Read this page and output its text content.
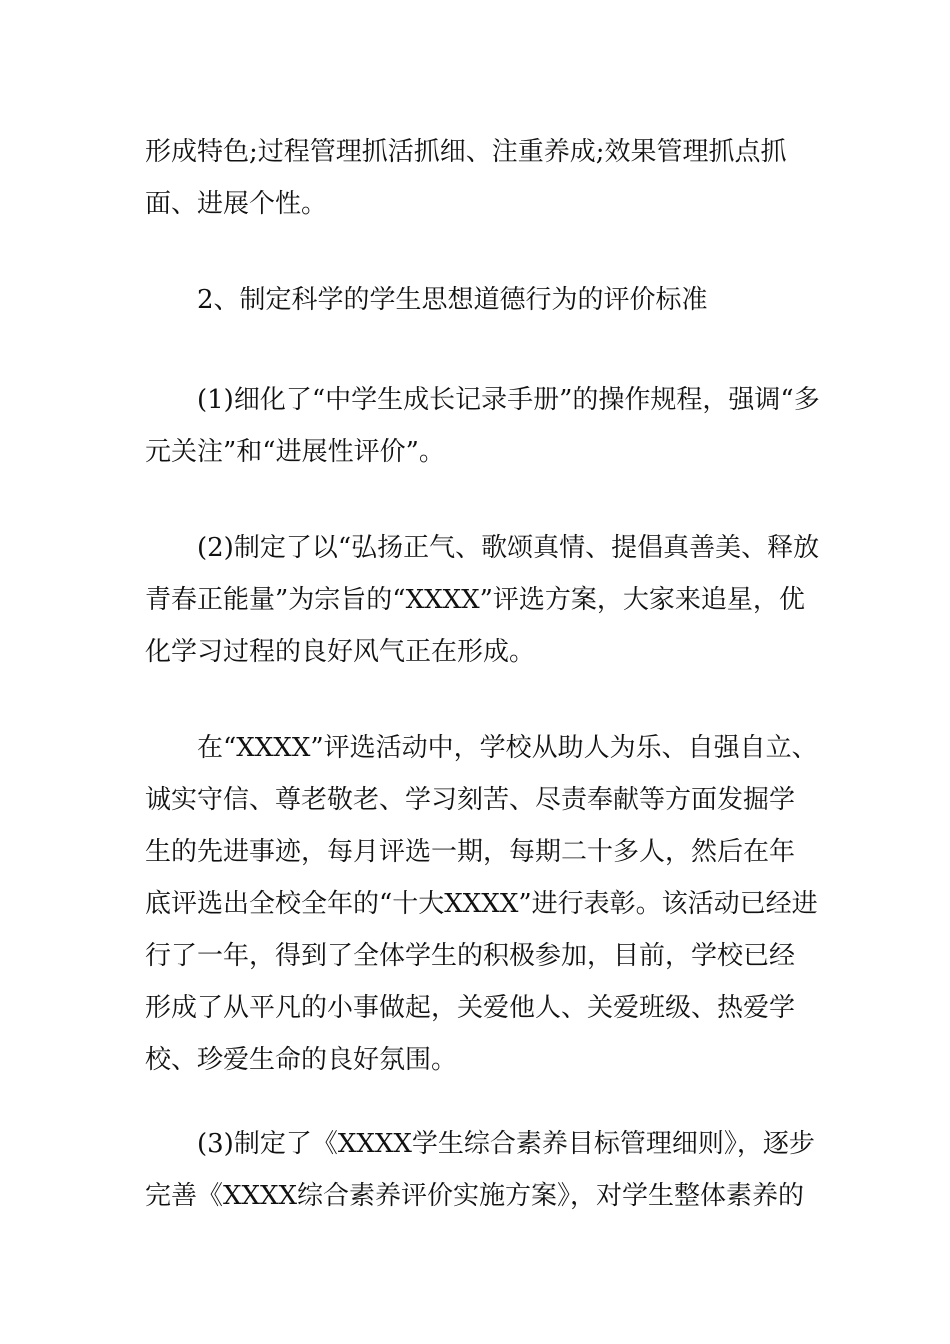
形成特色;过程管理抓活抓细、注重养成;效果管理抓点抓面、进展个性。

2、制定科学的学生思想道德行为的评价标准

(1)细化了“中学生成长记录手册”的操作规程，强调“多元关注”和“进展性评价”。

(2)制定了以“弘扬正气、歌颂真情、提倡真善美、释放青春正能量”为宗旨的“XXXX”评选方案，大家来追星，优化学习过程的良好风气正在形成。

在“XXXX”评选活动中，学校从助人为乐、自强自立、诚实守信、尊老敬老、学习刻苦、尽责奉献等方面发掘学生的先进事迹，每月评选一期，每期二十多人，然后在年底评选出全校全年的“十大XXXX”进行表彰。该活动已经进行了一年，得到了全体学生的积极参加，目前，学校已经形成了从平凡的小事做起，关爱他人、关爱班级、热爱学校、珍爱生命的良好氛围。

(3)制定了《XXXX学生综合素养目标管理细则》，逐步完善《XXXX综合素养评价实施方案》，对学生整体素养的
